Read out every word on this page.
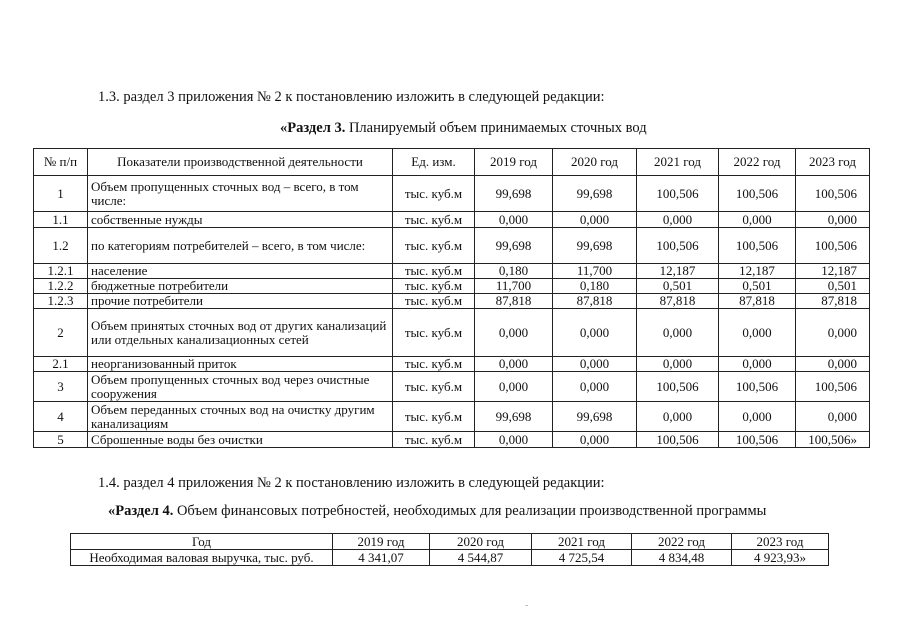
1.3. раздел 3 приложения № 2 к постановлению изложить в следующей редакции:

«Раздел 3. Планируемый объем принимаемых сточных вод

№ п/п	Показатели производственной деятельности	Ед. изм.	2019 год	2020 год	2021 год	2022 год	2023 год
1	Объем пропущенных сточных вод – всего, в том числе:	тыс. куб.м	99,698	99,698	100,506	100,506	100,506
1.1	собственные нужды	тыс. куб.м	0,000	0,000	0,000	0,000	0,000
1.2	по категориям потребителей – всего, в том числе:	тыс. куб.м	99,698	99,698	100,506	100,506	100,506
1.2.1	население	тыс. куб.м	0,180	11,700	12,187	12,187	12,187
1.2.2	бюджетные потребители	тыс. куб.м	11,700	0,180	0,501	0,501	0,501
1.2.3	прочие потребители	тыс. куб.м	87,818	87,818	87,818	87,818	87,818
2	Объем принятых сточных вод от других канализаций или отдельных канализационных сетей	тыс. куб.м	0,000	0,000	0,000	0,000	0,000
2.1	неорганизованный приток	тыс. куб.м	0,000	0,000	0,000	0,000	0,000
3	Объем пропущенных сточных вод через очистные сооружения	тыс. куб.м	0,000	0,000	100,506	100,506	100,506
4	Объем переданных сточных вод на очистку другим канализациям	тыс. куб.м	99,698	99,698	0,000	0,000	0,000
5	Сброшенные воды без очистки	тыс. куб.м	0,000	0,000	100,506	100,506	100,506»

1.4. раздел 4 приложения № 2 к постановлению изложить в следующей редакции:

«Раздел 4. Объем финансовых потребностей, необходимых для реализации производственной программы

Год	2019 год	2020 год	2021 год	2022 год	2023 год
Необходимая валовая выручка, тыс. руб.	4 341,07	4 544,87	4 725,54	4 834,48	4 923,93»
-
